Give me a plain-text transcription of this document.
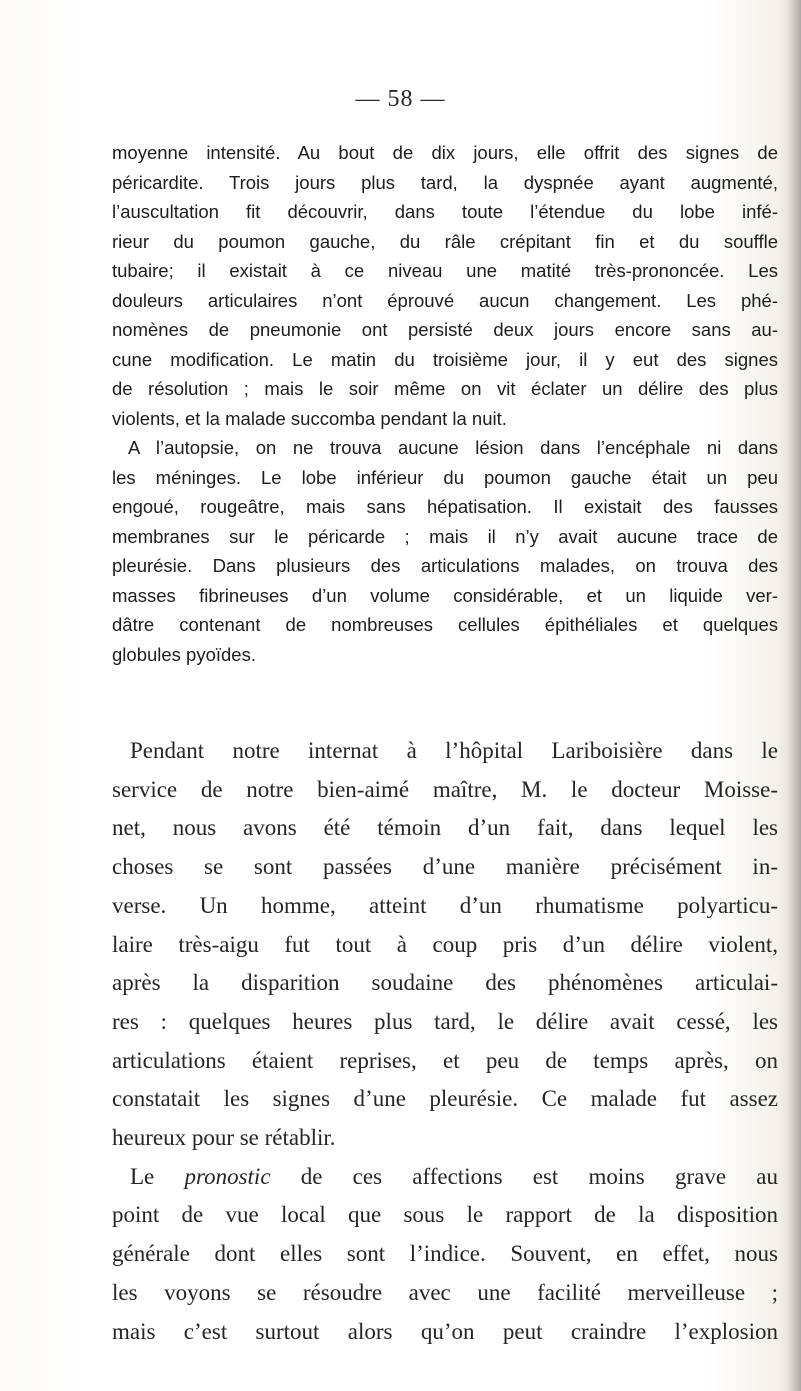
— 58 —

moyenne intensité. Au bout de dix jours, elle offrit des signes de
péricardite. Trois jours plus tard, la dyspnée ayant augmenté,
l’auscultation fit découvrir, dans toute l’étendue du lobe infé-
rieur du poumon gauche, du râle crépitant fin et du souffle
tubaire; il existait à ce niveau une matité très-prononcée. Les
douleurs articulaires n’ont éprouvé aucun changement. Les phé-
nomènes de pneumonie ont persisté deux jours encore sans au-
cune modification. Le matin du troisième jour, il y eut des signes
de résolution ; mais le soir même on vit éclater un délire des plus
violents, et la malade succomba pendant la nuit.

A l’autopsie, on ne trouva aucune lésion dans l’encéphale ni dans
les méninges. Le lobe inférieur du poumon gauche était un peu
engoué, rougeâtre, mais sans hépatisation. Il existait des fausses
membranes sur le péricarde ; mais il n’y avait aucune trace de
pleurésie. Dans plusieurs des articulations malades, on trouva des
masses fibrineuses d’un volume considérable, et un liquide ver-
dâtre contenant de nombreuses cellules épithéliales et quelques
globules pyoïdes.

Pendant notre internat à l’hôpital Lariboisière dans le
service de notre bien-aimé maître, M. le docteur Moisse-
net, nous avons été témoin d’un fait, dans lequel les
choses se sont passées d’une manière précisément in-
verse. Un homme, atteint d’un rhumatisme polyarticu-
laire très-aigu fut tout à coup pris d’un délire violent,
après la disparition soudaine des phénomènes articulai-
res : quelques heures plus tard, le délire avait cessé, les
articulations étaient reprises, et peu de temps après, on
constatait les signes d’une pleurésie. Ce malade fut assez
heureux pour se rétablir.

Le pronostic de ces affections est moins grave au
point de vue local que sous le rapport de la disposition
générale dont elles sont l’indice. Souvent, en effet, nous
les voyons se résoudre avec une facilité merveilleuse ;
mais c’est surtout alors qu’on peut craindre l’explosion
